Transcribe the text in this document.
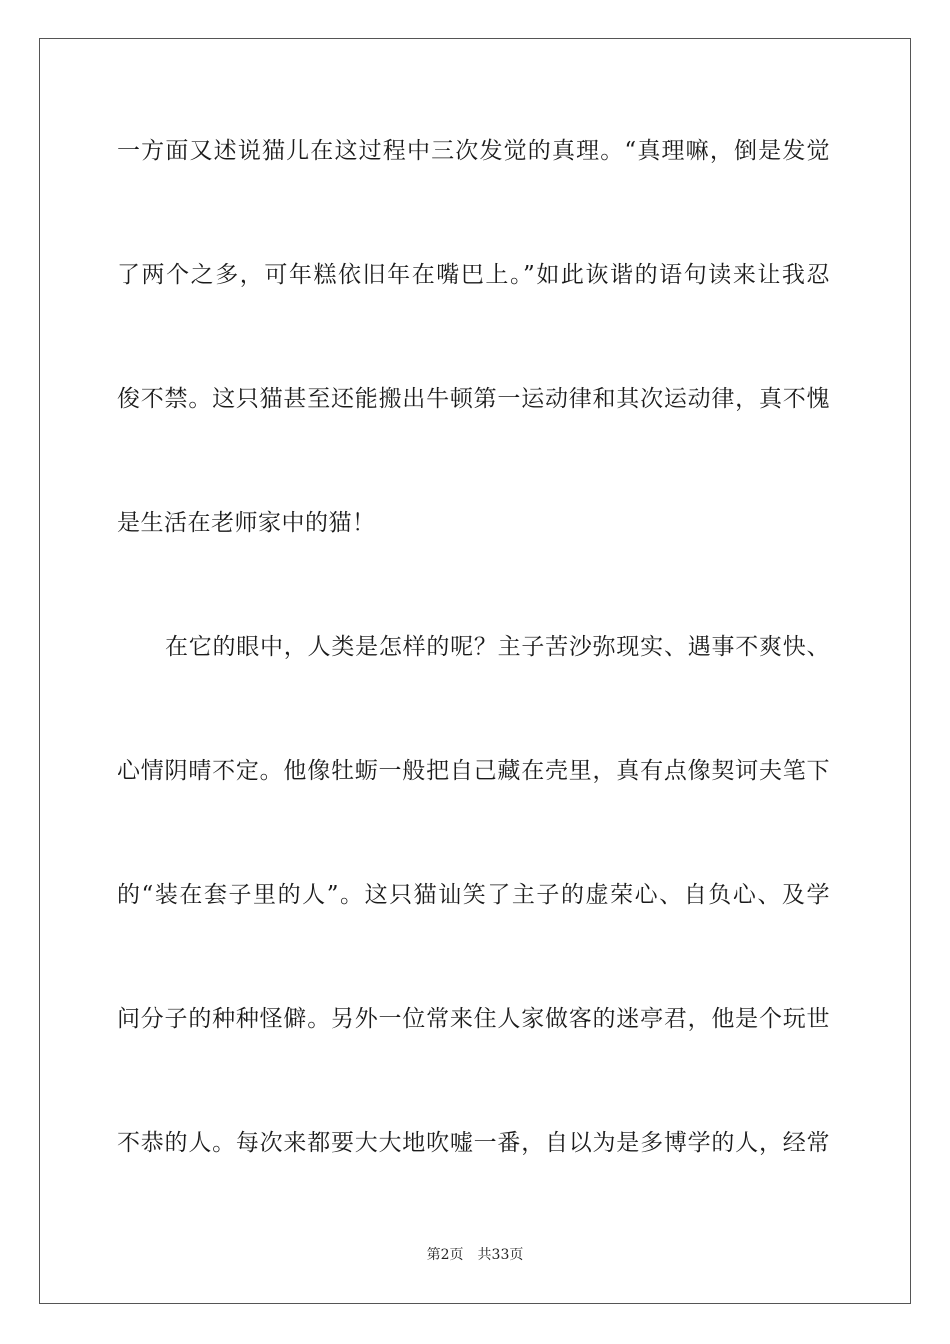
一方面又述说猫儿在这过程中三次发觉的真理。“真理嘛，倒是发觉
了两个之多，可年糕依旧年在嘴巴上。”如此诙谐的语句读来让我忍
俊不禁。这只猫甚至还能搬出牛顿第一运动律和其次运动律，真不愧
是生活在老师家中的猫！
在它的眼中，人类是怎样的呢？主子苦沙弥现实、遇事不爽快、
心情阴晴不定。他像牡蛎一般把自己藏在壳里，真有点像契诃夫笔下
的“装在套子里的人”。这只猫讪笑了主子的虚荣心、自负心、及学
问分子的种种怪僻。另外一位常来住人家做客的迷亭君，他是个玩世
不恭的人。每次来都要大大地吹嘘一番，自以为是多博学的人，经常
第2页 共33页
